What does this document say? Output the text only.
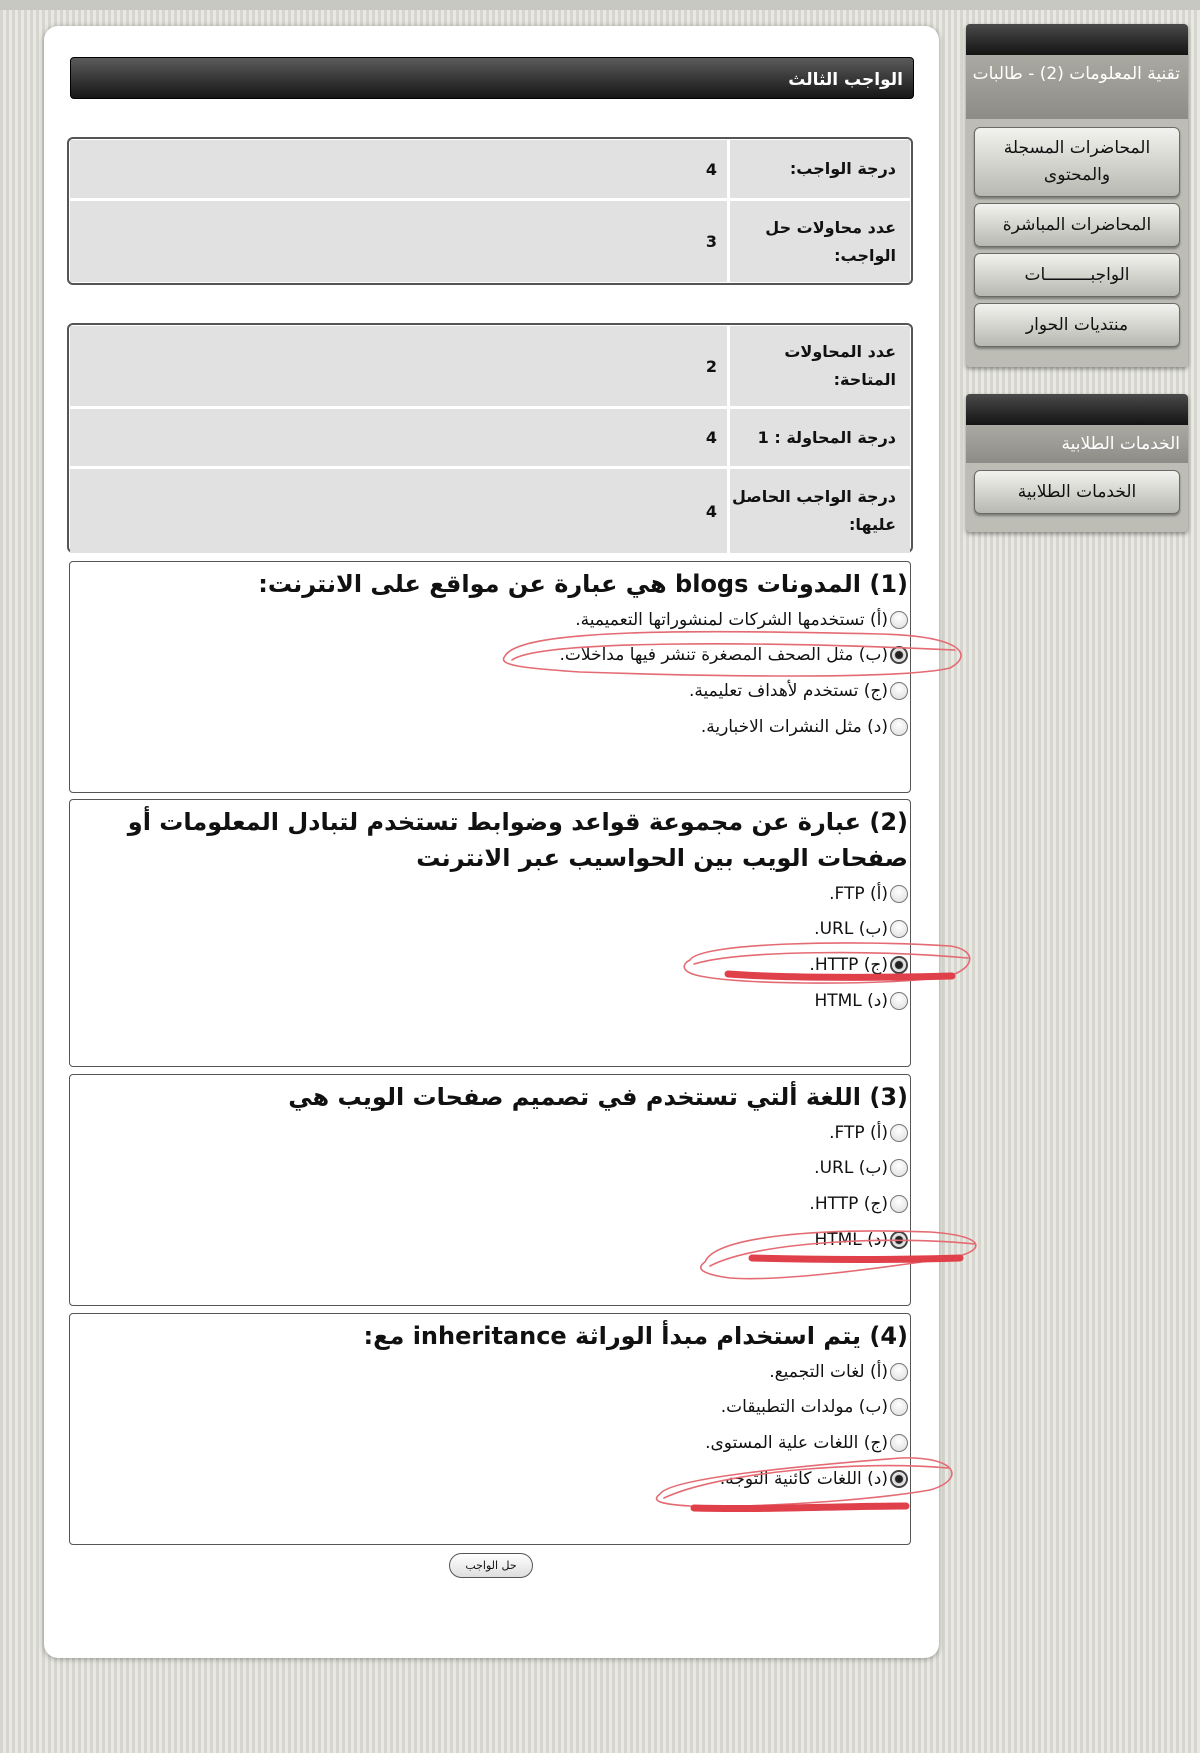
الواجب الثالث
درجة الواجب:
4
عدد محاولات حل الواجب:
3
عدد المحاولات المتاحة:
2
درجة المحاولة : 1
4
درجة الواجب الحاصل عليها:
4
(1) المدونات blogs هي عبارة عن مواقع على الانترنت:
(أ) تستخدمها الشركات لمنشوراتها التعميمية.
(ب) مثل الصحف المصغرة تنشر فيها مداخلات.
(ج) تستخدم لأهداف تعليمية.
(د) مثل النشرات الاخبارية.
(2) عبارة عن مجموعة قواعد وضوابط تستخدم لتبادل المعلومات أو صفحات الويب بين الحواسيب عبر الانترنت
(أ) FTP.
(ب) URL.
(ج) HTTP.
(د) HTML
(3) اللغة ألتي تستخدم في تصميم صفحات الويب هي
(أ) FTP.
(ب) URL.
(ج) HTTP.
(د) HTML
(4) يتم استخدام مبدأ الوراثة inheritance مع:
(أ) لغات التجميع.
(ب) مولدات التطبيقات.
(ج) اللغات علية المستوى.
(د) اللغات كائنية التوجه.
حل الواجب
تقنية المعلومات (2) - طالبات
المحاضرات المسجلة والمحتوى
المحاضرات المباشرة
الواجبـــــــــات
منتديات الحوار
الخدمات الطلابية
الخدمات الطلابية
